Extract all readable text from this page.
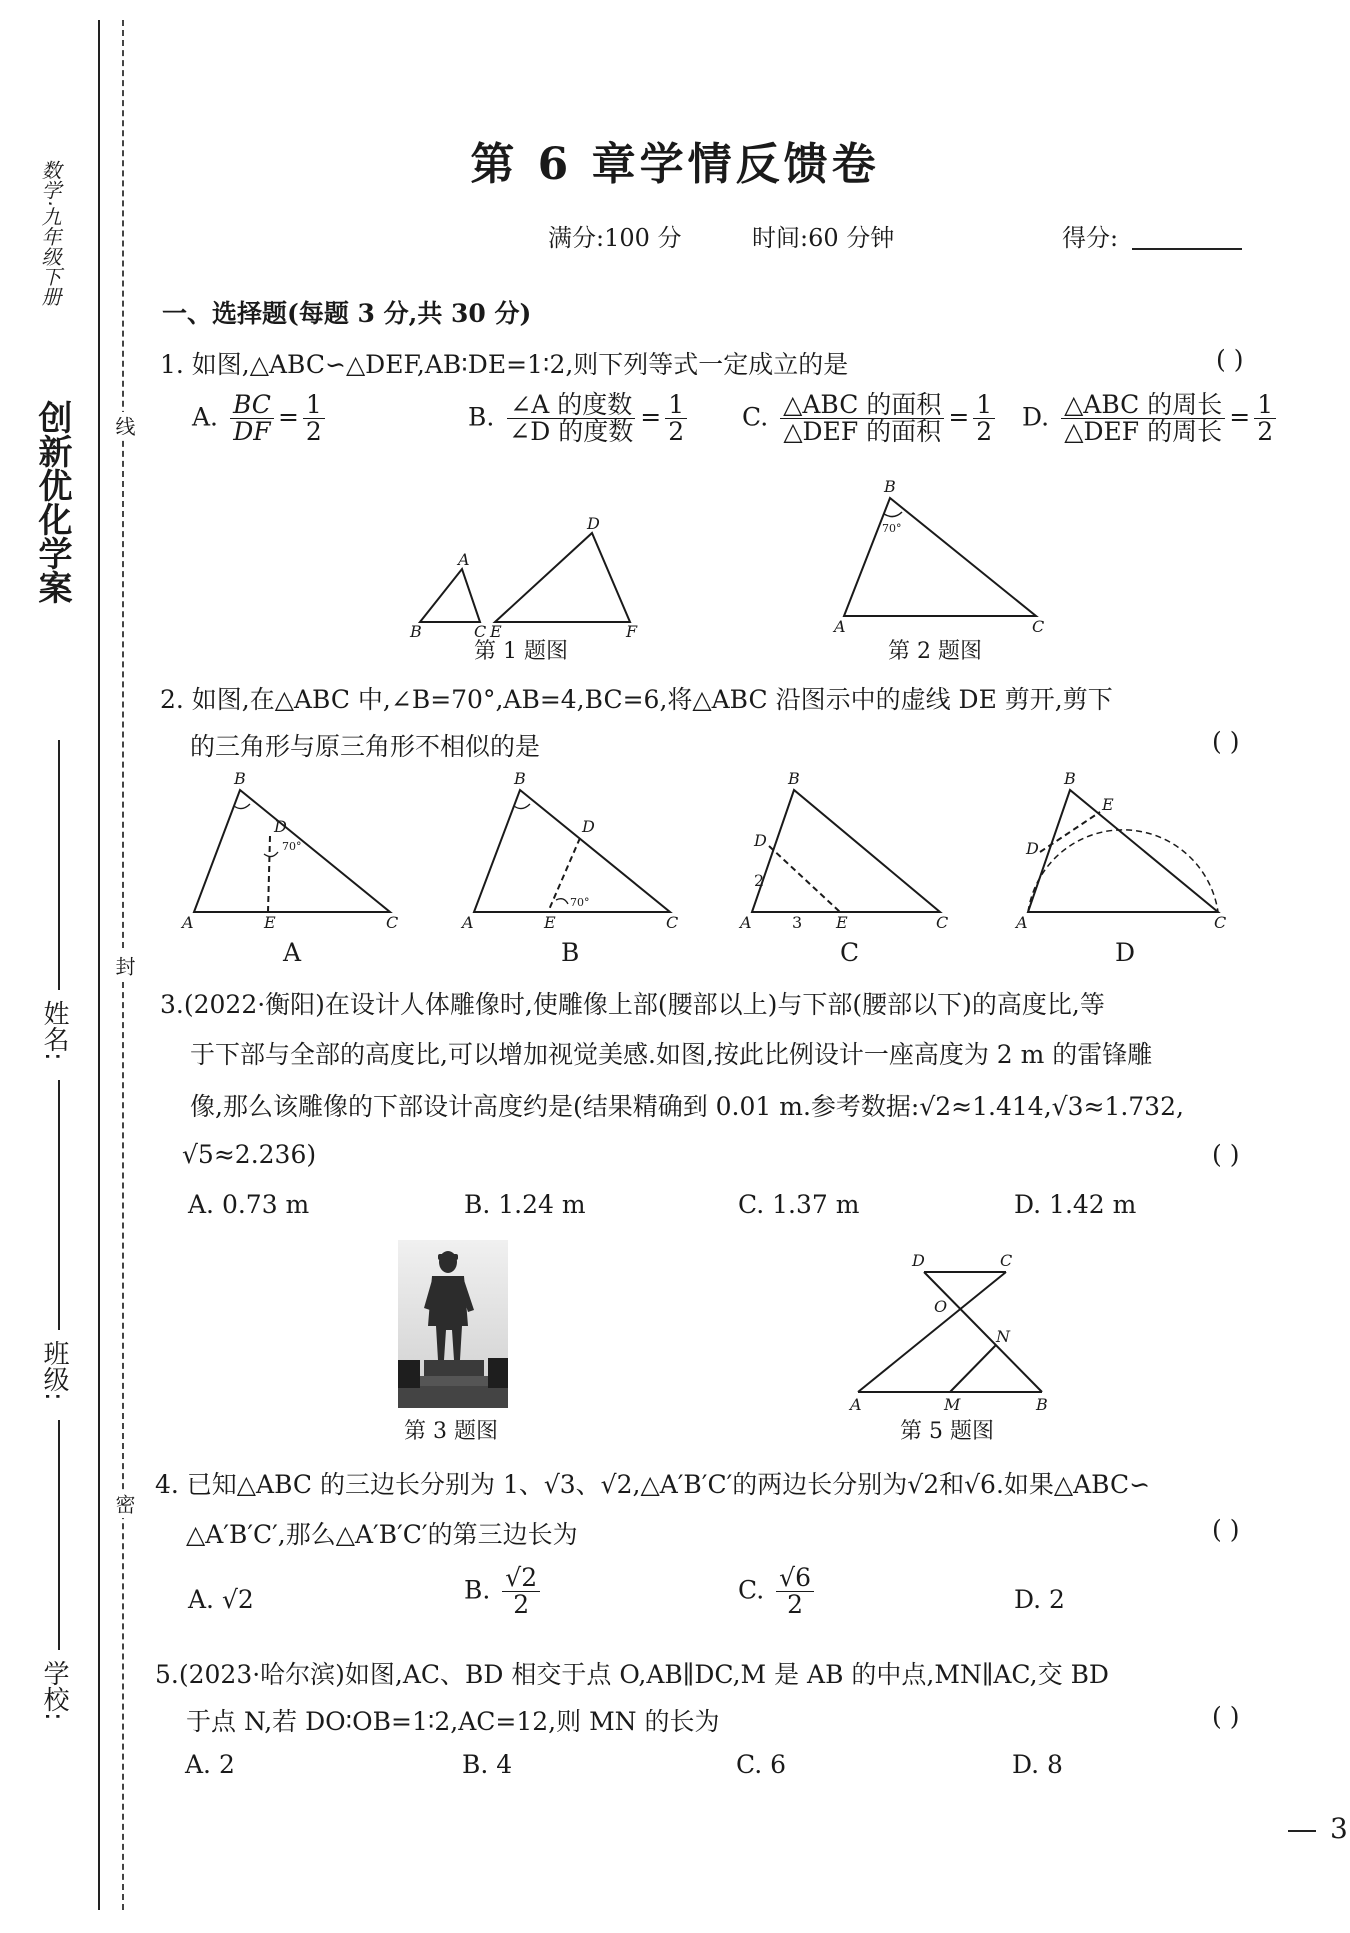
数学·九年级下册
创新优化学案 线
封
密
姓名:
班级:
学校:
第 6 章学情反馈卷
满分:100 分	时间:60 分钟	得分:
一、选择题(每题 3 分,共 30 分)
1. 如图,△ABC∽△DEF,AB∶DE=1∶2,则下列等式一定成立的是	( )
A. $\frac{BC}{DF} = \frac{1}{2}$	B. $\frac{\text{∠A 的度数}}{\text{∠D 的度数}} = \frac{1}{2} C$. $\frac{\text{△ABC 的面积}}{\text{△DEF 的面积}} = \frac{1}{2} D$. $\frac{\text{△ABC 的周长}}{\text{△DEF 的周长}} = \frac{1}{2}$
A
B	C
D
E	F
第 1 题图
B
A	C
70°
第 2 题图
2. 如图,在△ABC 中,∠B=70°,AB=4,BC=6,将△ABC 沿图示中的虚线 DE 剪开,剪下
的三角形与原三角形不相似的是	( )
B
A	C
D
E
B
A	C
D
E
B
A	C
D
E
B
A	C
D
E
70°
70°
2
3
A	B	C	D
3.(2022·衡阳)在设计人体雕像时,使雕像上部(腰部以上)与下部(腰部以下)的高度比,等
于下部与全部的高度比,可以增加视觉美感.如图,按此比例设计一座高度为 2 m 的雷锋雕
像,那么该雕像的下部设计高度约是(结果精确到 0.01 m.参考数据:√2≈1.414,√3≈1.732,
√5≈2.236)	( )
A. 0.73 m	B. 1.24 m	C. 1.37 m	D. 1.42 m
第 3 题图
D	C
O
N
A	M	B
第 5 题图
4. 已知△ABC 的三边长分别为 1、√3、√2,△A′B′C′的两边长分别为√2和√6.如果△ABC∽
△A′B′C′,那么△A′B′C′的第三边长为	( )
A. √2	B. $\frac{√2}{2}$	C. $\frac{√6}{2}$	D. 2
5.(2023·哈尔滨)如图,AC、BD 相交于点 O,AB∥DC,M 是 AB 的中点,MN∥AC,交 BD
于点 N,若 DO∶OB=1∶2,AC=12,则 MN 的长为	( )
A. 2	B. 4	C. 6	D. 8
3
